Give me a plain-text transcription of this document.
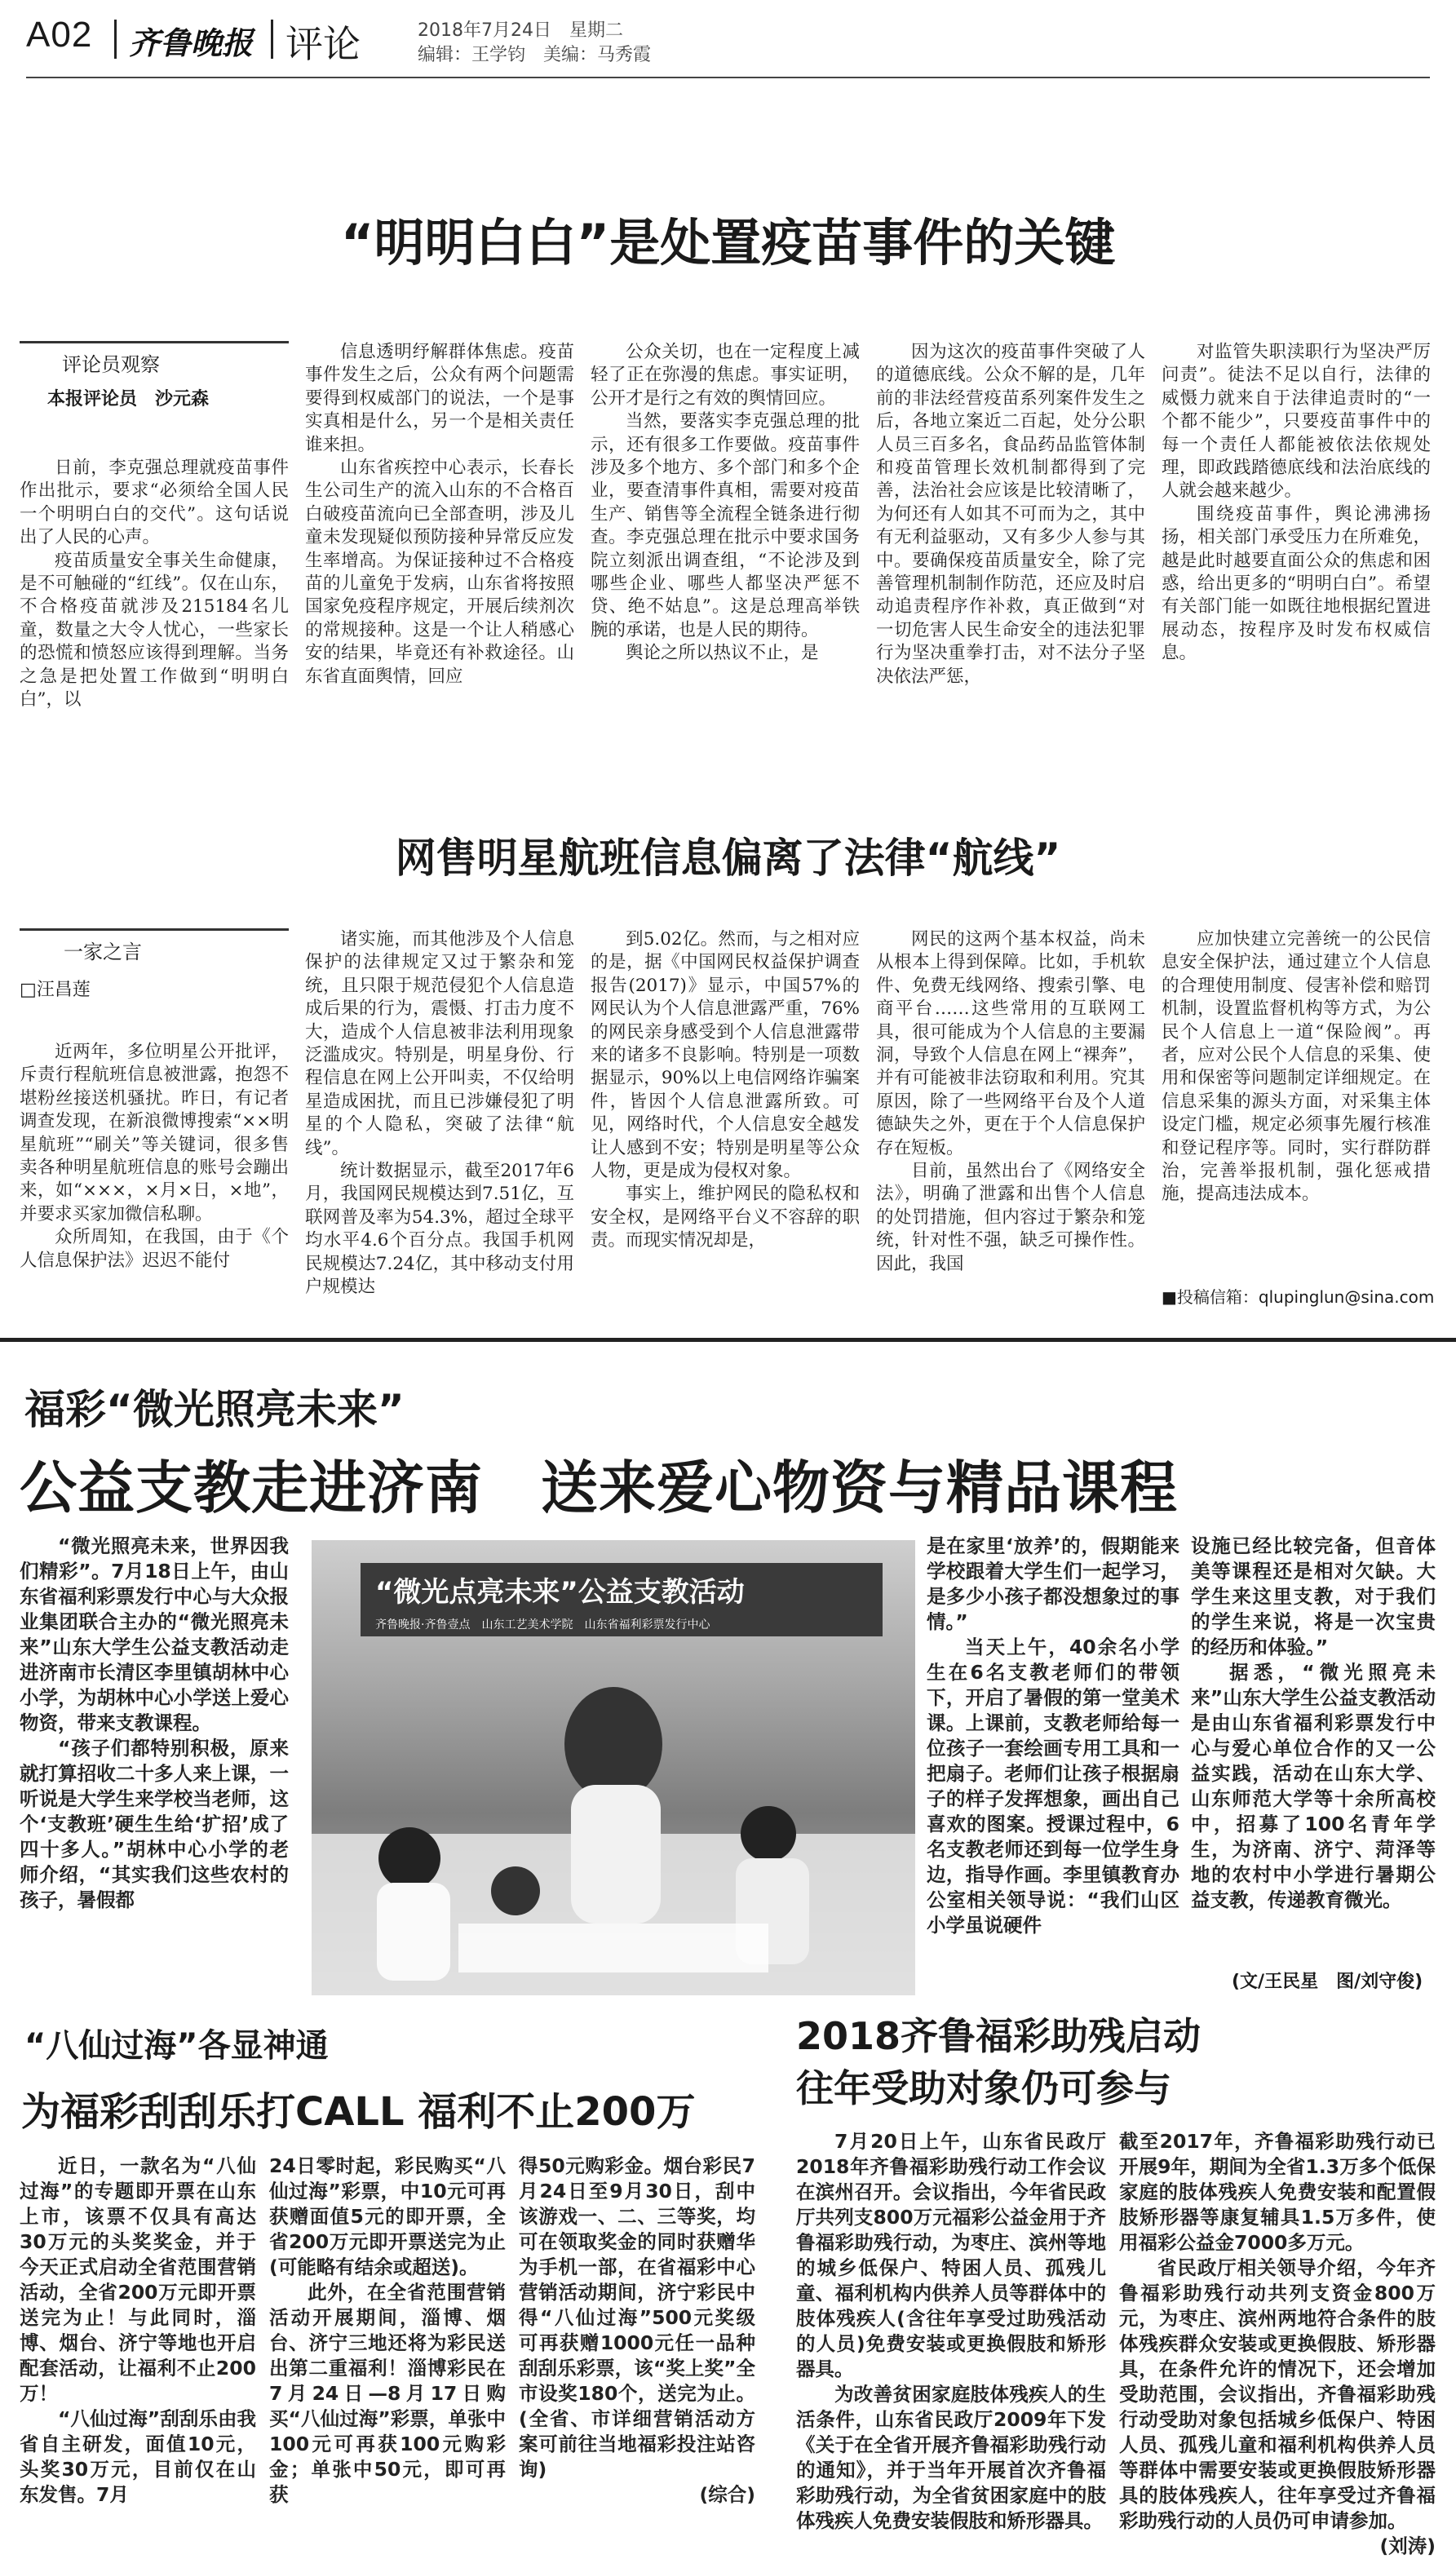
A02 齐鲁晚报 评论	2018年7月24日　星期二
编辑：王学钧　美编：马秀霞
“明明白白”是处置疫苗事件的关键
评论员观察
本报评论员　沙元森

日前，李克强总理就疫苗事件作出批示，要求“必须给全国人民一个明明白白的交代”。这句话说出了人民的心声。

疫苗质量安全事关生命健康，是不可触碰的“红线”。仅在山东，不合格疫苗就涉及215184名儿童，数量之大令人忧心，一些家长的恐慌和愤怒应该得到理解。当务之急是把处置工作做到“明明白白”，以

信息透明纾解群体焦虑。疫苗事件发生之后，公众有两个问题需要得到权威部门的说法，一个是事实真相是什么，另一个是相关责任谁来担。

山东省疾控中心表示，长春长生公司生产的流入山东的不合格百白破疫苗流向已全部查明，涉及儿童未发现疑似预防接种异常反应发生率增高。为保证接种过不合格疫苗的儿童免于发病，山东省将按照国家免疫程序规定，开展后续剂次的常规接种。这是一个让人稍感心安的结果，毕竟还有补救途径。山东省直面舆情，回应

公众关切，也在一定程度上减轻了正在弥漫的焦虑。事实证明，公开才是行之有效的舆情回应。

当然，要落实李克强总理的批示，还有很多工作要做。疫苗事件涉及多个地方、多个部门和多个企业，要查清事件真相，需要对疫苗生产、销售等全流程全链条进行彻查。李克强总理在批示中要求国务院立刻派出调查组，“不论涉及到哪些企业、哪些人都坚决严惩不贷、绝不姑息”。这是总理高举铁腕的承诺，也是人民的期待。

舆论之所以热议不止，是

因为这次的疫苗事件突破了人的道德底线。公众不解的是，几年前的非法经营疫苗系列案件发生之后，各地立案近二百起，处分公职人员三百多名，食品药品监管体制和疫苗管理长效机制都得到了完善，法治社会应该是比较清晰了，为何还有人如其不可而为之，其中有无利益驱动，又有多少人参与其中。要确保疫苗质量安全，除了完善管理机制制作防范，还应及时启动追责程序作补救，真正做到“对一切危害人民生命安全的违法犯罪行为坚决重拳打击，对不法分子坚决依法严惩，

对监管失职渎职行为坚决严厉问责”。徒法不足以自行，法律的威慑力就来自于法律追责时的“一个都不能少”，只要疫苗事件中的每一个责任人都能被依法依规处理，即政践踏德底线和法治底线的人就会越来越少。

围绕疫苗事件，舆论沸沸扬扬，相关部门承受压力在所难免，越是此时越要直面公众的焦虑和困惑，给出更多的“明明白白”。希望有关部门能一如既往地根据纪置进展动态，按程序及时发布权威信息。

网售明星航班信息偏离了法律“航线”
一家之言
□汪昌莲

近两年，多位明星公开批评，斥责行程航班信息被泄露，抱怨不堪粉丝接送机骚扰。昨日，有记者调查发现，在新浪微博搜索“××明星航班”“刷关”等关键词，很多售卖各种明星航班信息的账号会蹦出来，如“×××，×月×日，×地”，并要求买家加微信私聊。

众所周知，在我国，由于《个人信息保护法》迟迟不能付

诸实施，而其他涉及个人信息保护的法律规定又过于繁杂和笼统，且只限于规范侵犯个人信息造成后果的行为，震慑、打击力度不大，造成个人信息被非法利用现象泛滥成灾。特别是，明星身份、行程信息在网上公开叫卖，不仅给明星造成困扰，而且已涉嫌侵犯了明星的个人隐私，突破了法律“航线”。

统计数据显示，截至2017年6月，我国网民规模达到7.51亿，互联网普及率为54.3%，超过全球平均水平4.6个百分点。我国手机网民规模达7.24亿，其中移动支付用户规模达

到5.02亿。然而，与之相对应的是，据《中国网民权益保护调查报告(2017)》显示，中国57%的网民认为个人信息泄露严重，76%的网民亲身感受到个人信息泄露带来的诸多不良影响。特别是一项数据显示，90%以上电信网络诈骗案件，皆因个人信息泄露所致。可见，网络时代，个人信息安全越发让人感到不安；特别是明星等公众人物，更是成为侵权对象。

事实上，维护网民的隐私权和安全权，是网络平台义不容辞的职责。而现实情况却是，

网民的这两个基本权益，尚未从根本上得到保障。比如，手机软件、免费无线网络、搜索引擎、电商平台……这些常用的互联网工具，很可能成为个人信息的主要漏洞，导致个人信息在网上“裸奔”，并有可能被非法窃取和利用。究其原因，除了一些网络平台及个人道德缺失之外，更在于个人信息保护存在短板。

目前，虽然出台了《网络安全法》，明确了泄露和出售个人信息的处罚措施，但内容过于繁杂和笼统，针对性不强，缺乏可操作性。因此，我国

应加快建立完善统一的公民信息安全保护法，通过建立个人信息的合理使用制度、侵害补偿和赔罚机制，设置监督机构等方式，为公民个人信息上一道“保险阀”。再者，应对公民个人信息的采集、使用和保密等问题制定详细规定。在信息采集的源头方面，对采集主体设定门槛，规定必须事先履行核准和登记程序等。同时，实行群防群治，完善举报机制，强化惩戒措施，提高违法成本。

■投稿信箱：qlupinglun@sina.com
福彩“微光照亮未来”
公益支教走进济南　送来爱心物资与精品课程

“微光照亮未来，世界因我们精彩”。7月18日上午，由山东省福利彩票发行中心与大众报业集团联合主办的“微光照亮未来”山东大学生公益支教活动走进济南市长清区李里镇胡林中心小学，为胡林中心小学送上爱心物资，带来支教课程。

“孩子们都特别积极，原来就打算招收二十多人来上课，一听说是大学生来学校当老师，这个‘支教班’硬生生给‘扩招’成了四十多人。”胡林中心小学的老师介绍，“其实我们这些农村的孩子，暑假都

“微光点亮未来”公益支教活动
齐鲁晚报·齐鲁壹点　山东工艺美术学院　山东省福利彩票发行中心

是在家里‘放养’的，假期能来学校跟着大学生们一起学习，是多少小孩子都没想象过的事情。”

当天上午，40余名小学生在6名支教老师们的带领下，开启了暑假的第一堂美术课。上课前，支教老师给每一位孩子一套绘画专用工具和一把扇子。老师们让孩子根据扇子的样子发挥想象，画出自己喜欢的图案。授课过程中，6名支教老师还到每一位学生身边，指导作画。李里镇教育办公室相关领导说：“我们山区小学虽说硬件

设施已经比较完备，但音体美等课程还是相对欠缺。大学生来这里支教，对于我们的学生来说，将是一次宝贵的经历和体验。”

据悉，“微光照亮未来”山东大学生公益支教活动是由山东省福利彩票发行中心与爱心单位合作的又一公益实践，活动在山东大学、山东师范大学等十余所高校中，招募了100名青年学生，为济南、济宁、菏泽等地的农村中小学进行暑期公益支教，传递教育微光。

(文/王民星　图/刘守俊)
“八仙过海”各显神通
为福彩刮刮乐打CALL 福利不止200万

近日，一款名为“八仙过海”的专题即开票在山东上市，该票不仅具有高达30万元的头奖奖金，并于今天正式启动全省范围营销活动，全省200万元即开票送完为止！与此同时，淄博、烟台、济宁等地也开启配套活动，让福利不止200万！

“八仙过海”刮刮乐由我省自主研发，面值10元，头奖30万元，目前仅在山东发售。7月

24日零时起，彩民购买“八仙过海”彩票，中10元可再获赠面值5元的即开票，全省200万元即开票送完为止(可能略有结余或超送)。

此外，在全省范围营销活动开展期间，淄博、烟台、济宁三地还将为彩民送出第二重福利！淄博彩民在7月24日—8月17日购买“八仙过海”彩票，单张中100元可再获100元购彩金；单张中50元，即可再获

得50元购彩金。烟台彩民7月24日至9月30日，刮中该游戏一、二、三等奖，均可在领取奖金的同时获赠华为手机一部，在省福彩中心营销活动期间，济宁彩民中得“八仙过海”500元奖级可再获赠1000元任一品种刮刮乐彩票，该“奖上奖”全市设奖180个，送完为止。(全省、市详细营销活动方案可前往当地福彩投注站咨询)

(综合)

2018齐鲁福彩助残启动
往年受助对象仍可参与

7月20日上午，山东省民政厅2018年齐鲁福彩助残行动工作会议在滨州召开。会议指出，今年省民政厅共列支800万元福彩公益金用于齐鲁福彩助残行动，为枣庄、滨州等地的城乡低保户、特困人员、孤残儿童、福利机构内供养人员等群体中的肢体残疾人(含往年享受过助残活动的人员)免费安装或更换假肢和矫形器具。

为改善贫困家庭肢体残疾人的生活条件，山东省民政厅2009年下发《关于在全省开展齐鲁福彩助残行动的通知》，并于当年开展首次齐鲁福彩助残行动，为全省贫困家庭中的肢体残疾人免费安装假肢和矫形器具。

截至2017年，齐鲁福彩助残行动已开展9年，期间为全省1.3万多个低保家庭的肢体残疾人免费安装和配置假肢矫形器等康复辅具1.5万多件，使用福彩公益金7000多万元。

省民政厅相关领导介绍，今年齐鲁福彩助残行动共列支资金800万元，为枣庄、滨州两地符合条件的肢体残疾群众安装或更换假肢、矫形器具，在条件允许的情况下，还会增加受助范围，会议指出，齐鲁福彩助残行动受助对象包括城乡低保户、特困人员、孤残儿童和福利机构供养人员等群体中需要安装或更换假肢矫形器具的肢体残疾人，往年享受过齐鲁福彩助残行动的人员仍可申请参加。

(刘涛)
